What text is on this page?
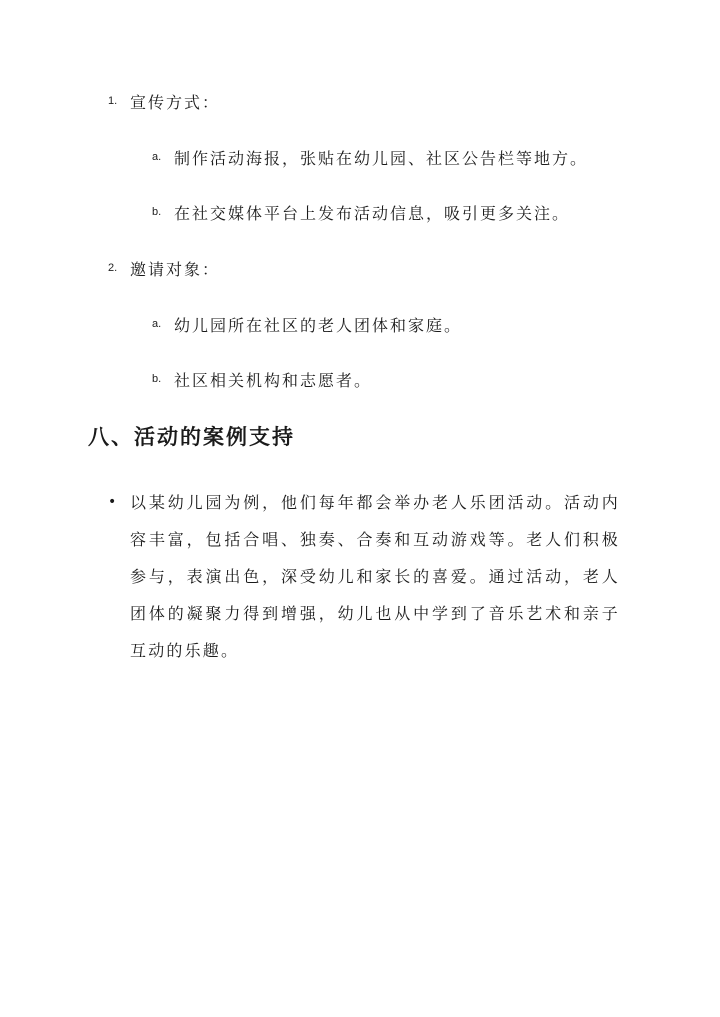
1. 宣传方式：
a. 制作活动海报，张贴在幼儿园、社区公告栏等地方。
b. 在社交媒体平台上发布活动信息，吸引更多关注。
2. 邀请对象：
a. 幼儿园所在社区的老人团体和家庭。
b. 社区相关机构和志愿者。
八、活动的案例支持
• 以某幼儿园为例，他们每年都会举办老人乐团活动。活动内容丰富，包括合唱、独奏、合奏和互动游戏等。老人们积极参与，表演出色，深受幼儿和家长的喜爱。通过活动，老人团体的凝聚力得到增强，幼儿也从中学到了音乐艺术和亲子互动的乐趣。
